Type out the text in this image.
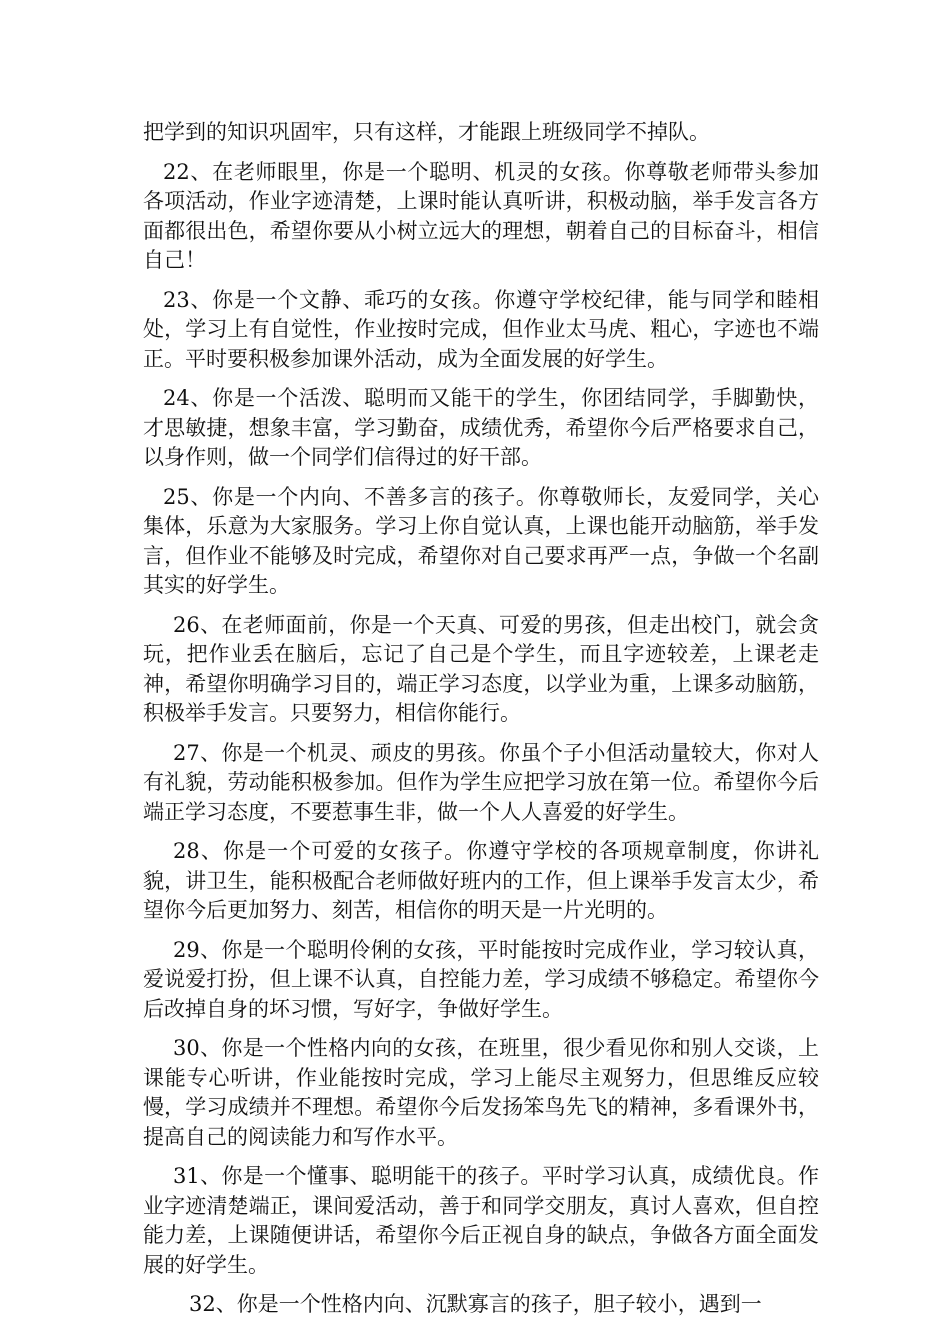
把学到的知识巩固牢，只有这样，才能跟上班级同学不掉队。

22、在老师眼里，你是一个聪明、机灵的女孩。你尊敬老师带头参加各项活动，作业字迹清楚，上课时能认真听讲，积极动脑，举手发言各方面都很出色，希望你要从小树立远大的理想，朝着自己的目标奋斗，相信自己！

23、你是一个文静、乖巧的女孩。你遵守学校纪律，能与同学和睦相处，学习上有自觉性，作业按时完成，但作业太马虎、粗心，字迹也不端正。平时要积极参加课外活动，成为全面发展的好学生。

24、你是一个活泼、聪明而又能干的学生，你团结同学，手脚勤快，才思敏捷，想象丰富，学习勤奋，成绩优秀，希望你今后严格要求自己，以身作则，做一个同学们信得过的好干部。

25、你是一个内向、不善多言的孩子。你尊敬师长，友爱同学，关心集体，乐意为大家服务。学习上你自觉认真，上课也能开动脑筋，举手发言，但作业不能够及时完成，希望你对自己要求再严一点，争做一个名副其实的好学生。

26、在老师面前，你是一个天真、可爱的男孩，但走出校门，就会贪玩，把作业丢在脑后，忘记了自己是个学生，而且字迹较差，上课老走神，希望你明确学习目的，端正学习态度，以学业为重，上课多动脑筋，积极举手发言。只要努力，相信你能行。

27、你是一个机灵、顽皮的男孩。你虽个子小但活动量较大，你对人有礼貌，劳动能积极参加。但作为学生应把学习放在第一位。希望你今后端正学习态度，不要惹事生非，做一个人人喜爱的好学生。

28、你是一个可爱的女孩子。你遵守学校的各项规章制度，你讲礼貌，讲卫生，能积极配合老师做好班内的工作，但上课举手发言太少，希望你今后更加努力、刻苦，相信你的明天是一片光明的。

29、你是一个聪明伶俐的女孩，平时能按时完成作业，学习较认真，爱说爱打扮，但上课不认真，自控能力差，学习成绩不够稳定。希望你今后改掉自身的坏习惯，写好字，争做好学生。

30、你是一个性格内向的女孩，在班里，很少看见你和别人交谈，上课能专心听讲，作业能按时完成，学习上能尽主观努力，但思维反应较慢，学习成绩并不理想。希望你今后发扬笨鸟先飞的精神，多看课外书，提高自己的阅读能力和写作水平。

31、你是一个懂事、聪明能干的孩子。平时学习认真，成绩优良。作业字迹清楚端正，课间爱活动，善于和同学交朋友，真讨人喜欢，但自控能力差，上课随便讲话，希望你今后正视自身的缺点，争做各方面全面发展的好学生。

32、你是一个性格内向、沉默寡言的孩子，胆子较小，遇到一
